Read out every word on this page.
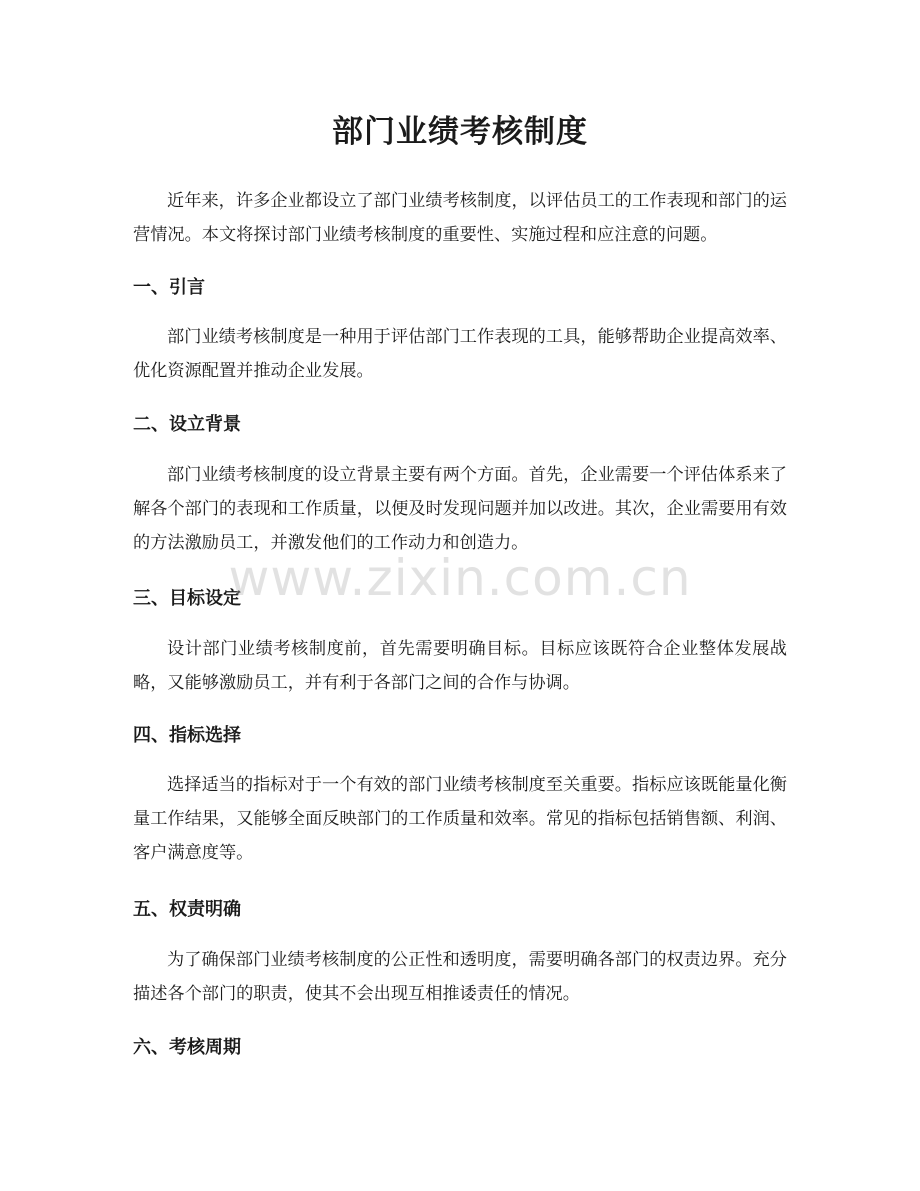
部门业绩考核制度

近年来，许多企业都设立了部门业绩考核制度，以评估员工的工作表现和部门的运营情况。本文将探讨部门业绩考核制度的重要性、实施过程和应注意的问题。

一、引言

部门业绩考核制度是一种用于评估部门工作表现的工具，能够帮助企业提高效率、优化资源配置并推动企业发展。

二、设立背景

部门业绩考核制度的设立背景主要有两个方面。首先，企业需要一个评估体系来了解各个部门的表现和工作质量，以便及时发现问题并加以改进。其次，企业需要用有效的方法激励员工，并激发他们的工作动力和创造力。

三、目标设定

设计部门业绩考核制度前，首先需要明确目标。目标应该既符合企业整体发展战略，又能够激励员工，并有利于各部门之间的合作与协调。

四、指标选择

选择适当的指标对于一个有效的部门业绩考核制度至关重要。指标应该既能量化衡量工作结果，又能够全面反映部门的工作质量和效率。常见的指标包括销售额、利润、客户满意度等。

五、权责明确

为了确保部门业绩考核制度的公正性和透明度，需要明确各部门的权责边界。充分描述各个部门的职责，使其不会出现互相推诿责任的情况。

六、考核周期
www.zixin.com.cn
